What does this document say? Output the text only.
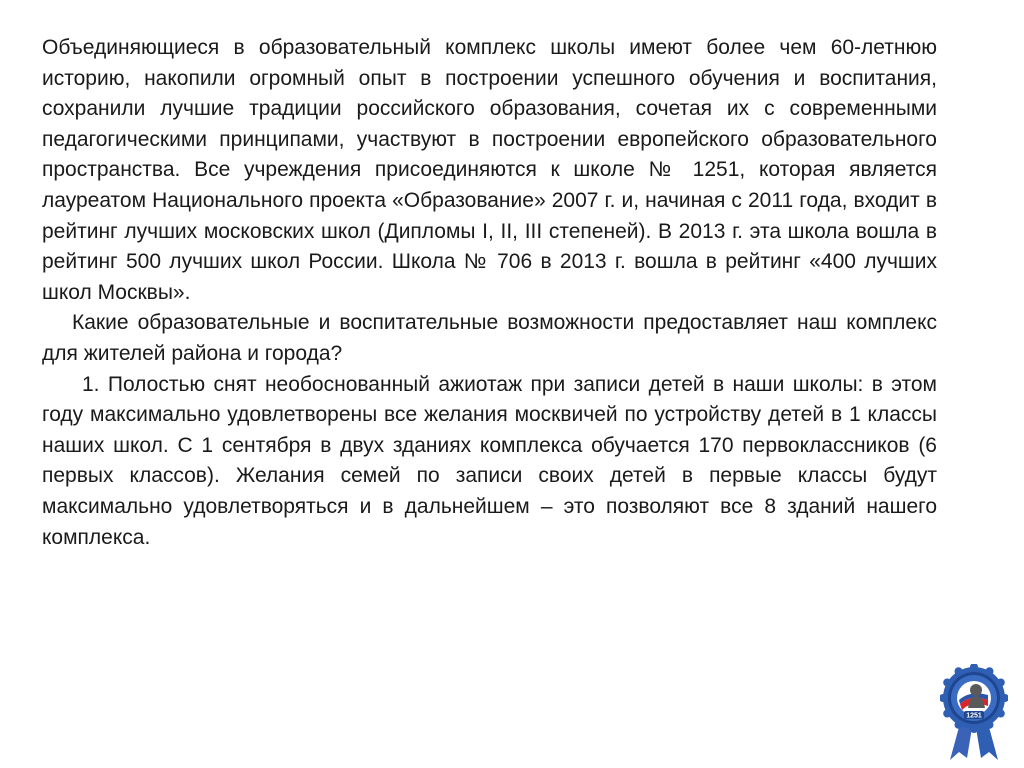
Объединяющиеся в образовательный комплекс школы имеют более чем 60-летнюю историю, накопили огромный опыт в построении успешного обучения и воспитания, сохранили лучшие традиции российского образования, сочетая их с современными педагогическими принципами, участвуют в построении европейского образовательного пространства. Все учреждения присоединяются к школе № 1251, которая является лауреатом Национального проекта «Образование» 2007 г. и, начиная с 2011 года, входит в рейтинг лучших московских школ (Дипломы I, II, III степеней). В 2013 г. эта школа вошла в рейтинг 500 лучших школ России. Школа № 706 в 2013 г. вошла в рейтинг «400 лучших школ Москвы».

Какие образовательные и воспитательные возможности предоставляет наш комплекс для жителей района и города?

1. Полостью снят необоснованный ажиотаж при записи детей в наши школы: в этом году максимально удовлетворены все желания москвичей по устройству детей в 1 классы наших школ. С 1 сентября в двух зданиях комплекса обучается 170 первоклассников (6 первых классов). Желания семей по записи своих детей в первые классы будут максимально удовлетворяться и в дальнейшем – это позволяют все 8 зданий нашего комплекса.

1251
